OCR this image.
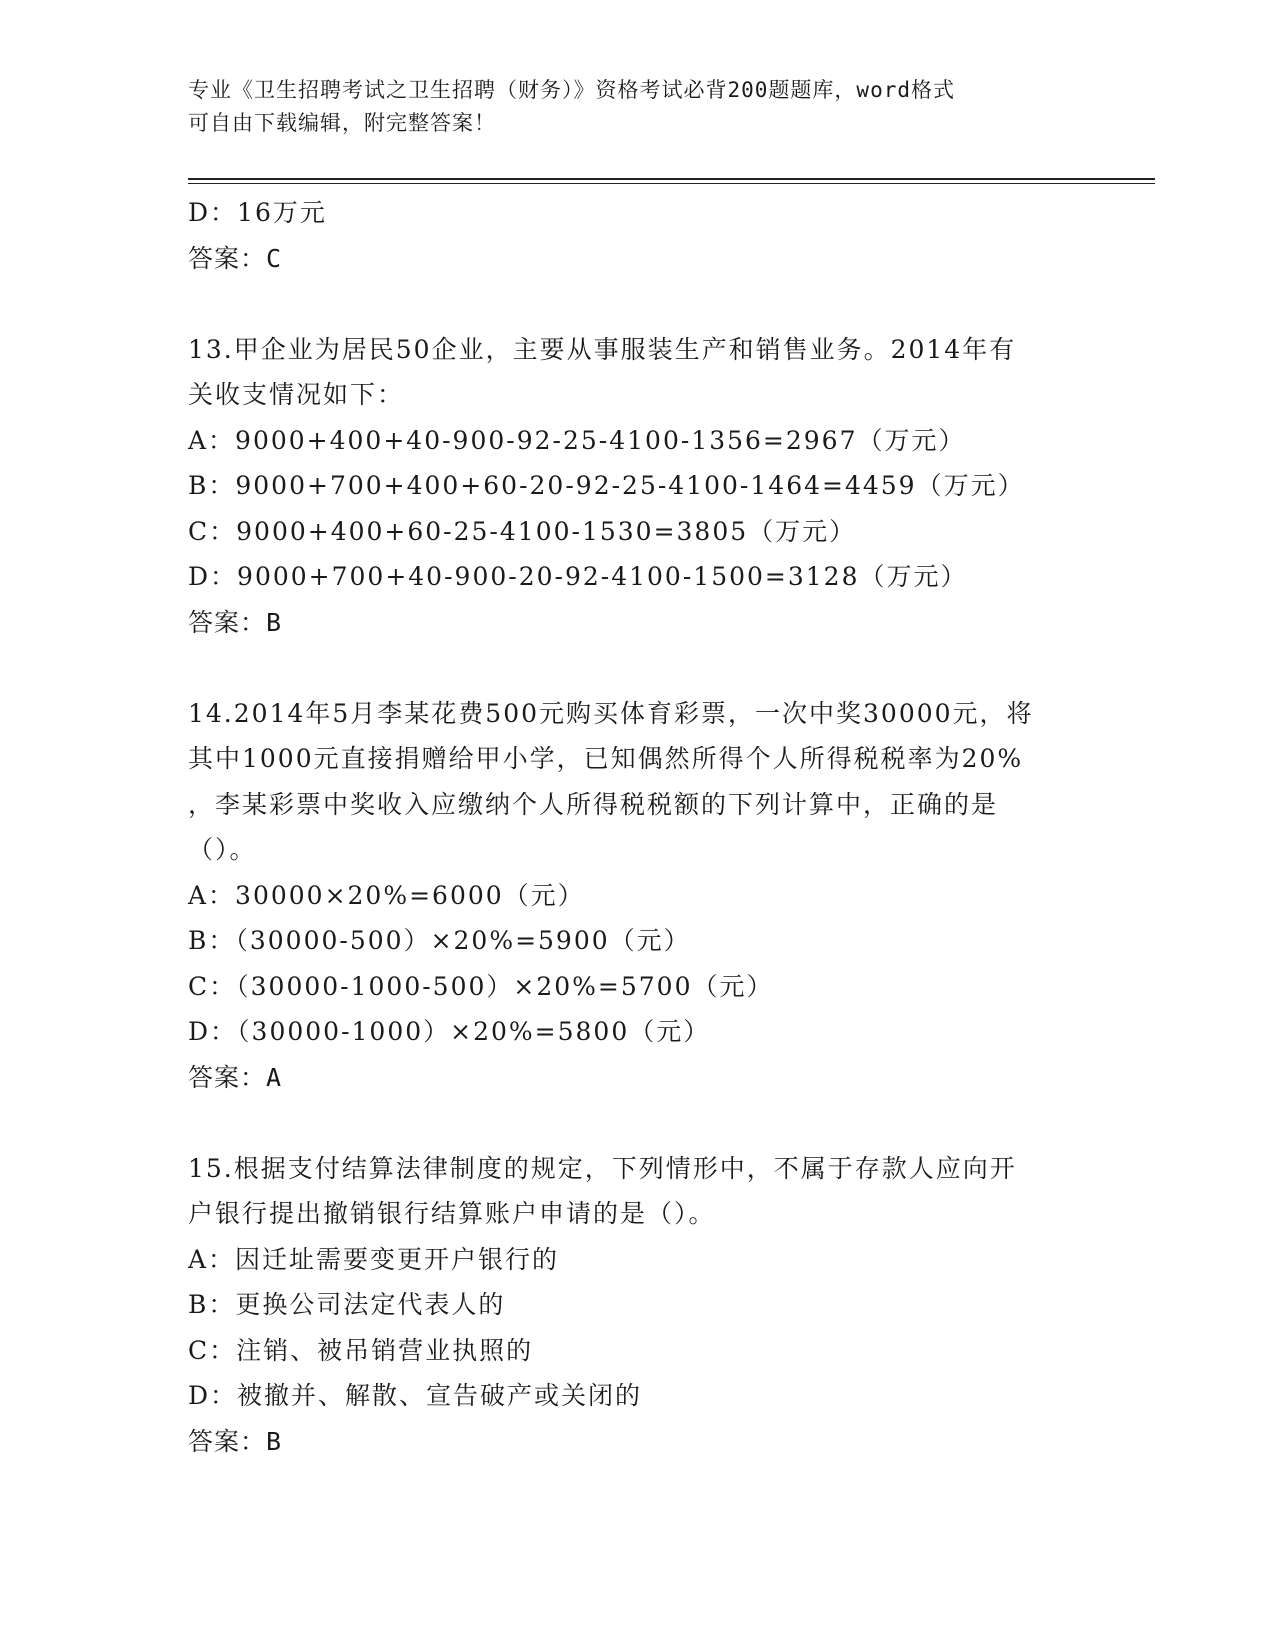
专业《卫生招聘考试之卫生招聘（财务）》资格考试必背200题题库，word格式
可自由下载编辑，附完整答案！
D：16万元
答案：C
13.甲企业为居民50企业，主要从事服装生产和销售业务。2014年有
关收支情况如下：
A：9000+400+40-900-92-25-4100-1356=2967（万元）
B：9000+700+400+60-20-92-25-4100-1464=4459（万元）
C：9000+400+60-25-4100-1530=3805（万元）
D：9000+700+40-900-20-92-4100-1500=3128（万元）
答案：B
14.2014年5月李某花费500元购买体育彩票，一次中奖30000元，将
其中1000元直接捐赠给甲小学，已知偶然所得个人所得税税率为20%
，李某彩票中奖收入应缴纳个人所得税税额的下列计算中，正确的是
（）。
A：30000×20%=6000（元）
B：（30000-500）×20%=5900（元）
C：（30000-1000-500）×20%=5700（元）
D：（30000-1000）×20%=5800（元）
答案：A
15.根据支付结算法律制度的规定，下列情形中，不属于存款人应向开
户银行提出撤销银行结算账户申请的是（）。
A：因迁址需要变更开户银行的
B：更换公司法定代表人的
C：注销、被吊销营业执照的
D：被撤并、解散、宣告破产或关闭的
答案：B
